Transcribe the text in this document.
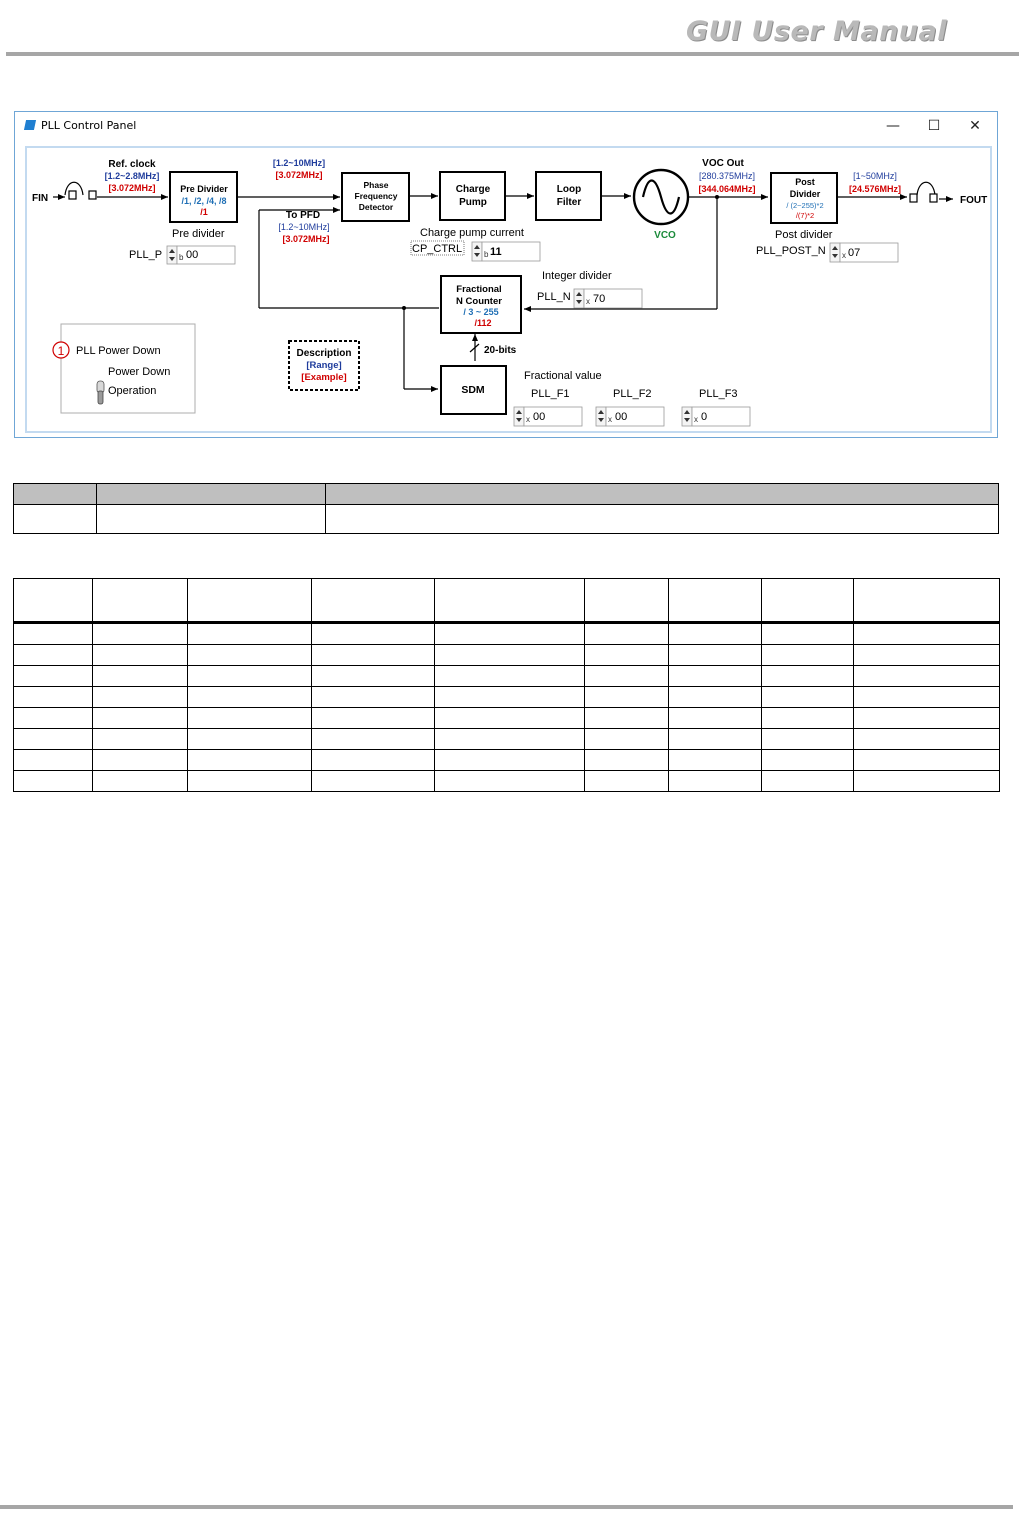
GUI User Manual
PLL Control Panel	—	☐	✕
FIN	FOUT
Ref. clock
[1.2~2.8MHz]
[3.072MHz]	Pre Divider
/1, /2, /4, /8
/1
[1.2~10MHz]
[3.072MHz]
To PFD
[1.2~10MHz]
[3.072MHz]
Phase
Frequency
Detector
Charge
Pump
Loop
Filter
VCO
VOC Out
[280.375MHz]
[344.064MHz]
Post
Divider
/ (2~255)*2
/(7)*2
[1~50MHz]
[24.576MHz]
Fractional
N Counter
/ 3 ~ 255
/112
20-bits
SDM
Description
[Range]
[Example]
1 PLL Power Down
Power Down
Operation
Pre divider	Charge pump current	Post divider
Integer divider
Fractional value
PLL_P b 00	CP_CTRL	b 11	PLL_POST_N x 07
PLL_N x 70
PLL_F1
x 00
PLL_F2
x 00
PLL_F3
x 0
